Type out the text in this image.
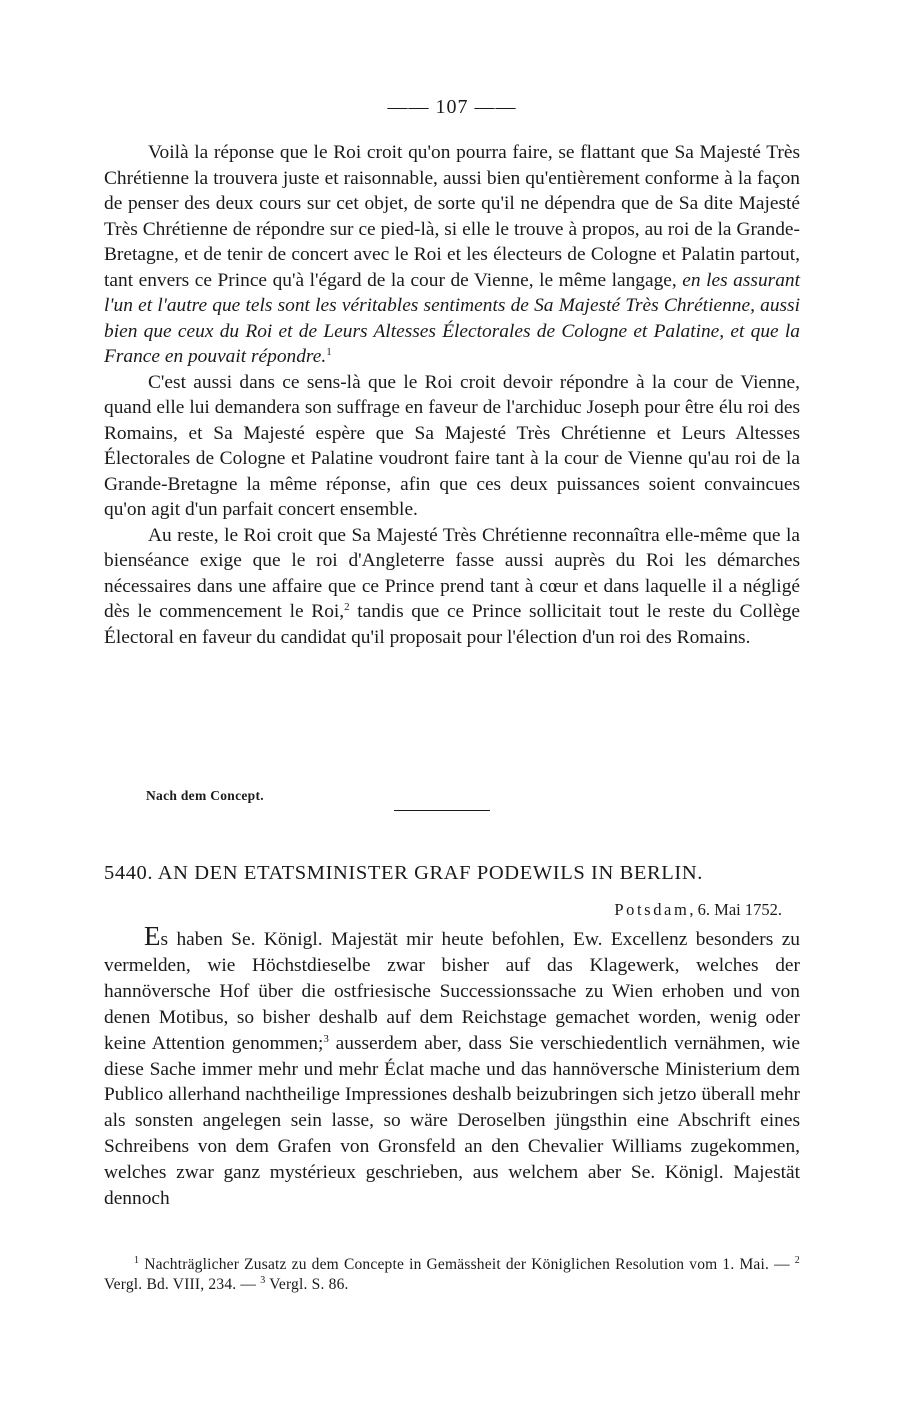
—— 107 ——

Voilà la réponse que le Roi croit qu'on pourra faire, se flattant que Sa Majesté Très Chrétienne la trouvera juste et raisonnable, aussi bien qu'entièrement conforme à la façon de penser des deux cours sur cet objet, de sorte qu'il ne dépendra que de Sa dite Majesté Très Chrétienne de répondre sur ce pied-là, si elle le trouve à propos, au roi de la Grande-Bretagne, et de tenir de concert avec le Roi et les électeurs de Cologne et Palatin partout, tant envers ce Prince qu'à l'égard de la cour de Vienne, le même langage, en les assurant l'un et l'autre que tels sont les véritables sentiments de Sa Majesté Très Chrétienne, aussi bien que ceux du Roi et de Leurs Altesses Électorales de Cologne et Palatine, et que la France en pouvait répondre.$^1$

C'est aussi dans ce sens-là que le Roi croit devoir répondre à la cour de Vienne, quand elle lui demandera son suffrage en faveur de l'archiduc Joseph pour être élu roi des Romains, et Sa Majesté espère que Sa Majesté Très Chrétienne et Leurs Altesses Électorales de Cologne et Palatine voudront faire tant à la cour de Vienne qu'au roi de la Grande-Bretagne la même réponse, afin que ces deux puissances soient convaincues qu'on agit d'un parfait concert ensemble.

Au reste, le Roi croit que Sa Majesté Très Chrétienne reconnaîtra elle-même que la bienséance exige que le roi d'Angleterre fasse aussi auprès du Roi les démarches nécessaires dans une affaire que ce Prince prend tant à cœur et dans laquelle il a négligé dès le commencement le Roi,$^2$ tandis que ce Prince sollicitait tout le reste du Collège Électoral en faveur du candidat qu'il proposait pour l'élection d'un roi des Romains.

Nach dem Concept.
5440. AN DEN ETATSMINISTER GRAF PODEWILS IN BERLIN.
Potsdam, 6. Mai 1752.

Es haben Se. Königl. Majestät mir heute befohlen, Ew. Excellenz besonders zu vermelden, wie Höchstdieselbe zwar bisher auf das Klagewerk, welches der hannöversche Hof über die ostfriesische Successionssache zu Wien erhoben und von denen Motibus, so bisher deshalb auf dem Reichstage gemachet worden, wenig oder keine Attention genommen;$^3$ ausserdem aber, dass Sie verschiedentlich vernähmen, wie diese Sache immer mehr und mehr Éclat mache und das hannöversche Ministerium dem Publico allerhand nachtheilige Impressiones deshalb beizubringen sich jetzo überall mehr als sonsten angelegen sein lasse, so wäre Deroselben jüngsthin eine Abschrift eines Schreibens von dem Grafen von Gronsfeld an den Chevalier Williams zugekommen, welches zwar ganz mystérieux geschrieben, aus welchem aber Se. Königl. Majestät dennoch

$^1$ Nachträglicher Zusatz zu dem Concepte in Gemässheit der Königlichen Resolution vom 1. Mai. — $^2$ Vergl. Bd. VIII, 234. — $^3$ Vergl. S. 86.
